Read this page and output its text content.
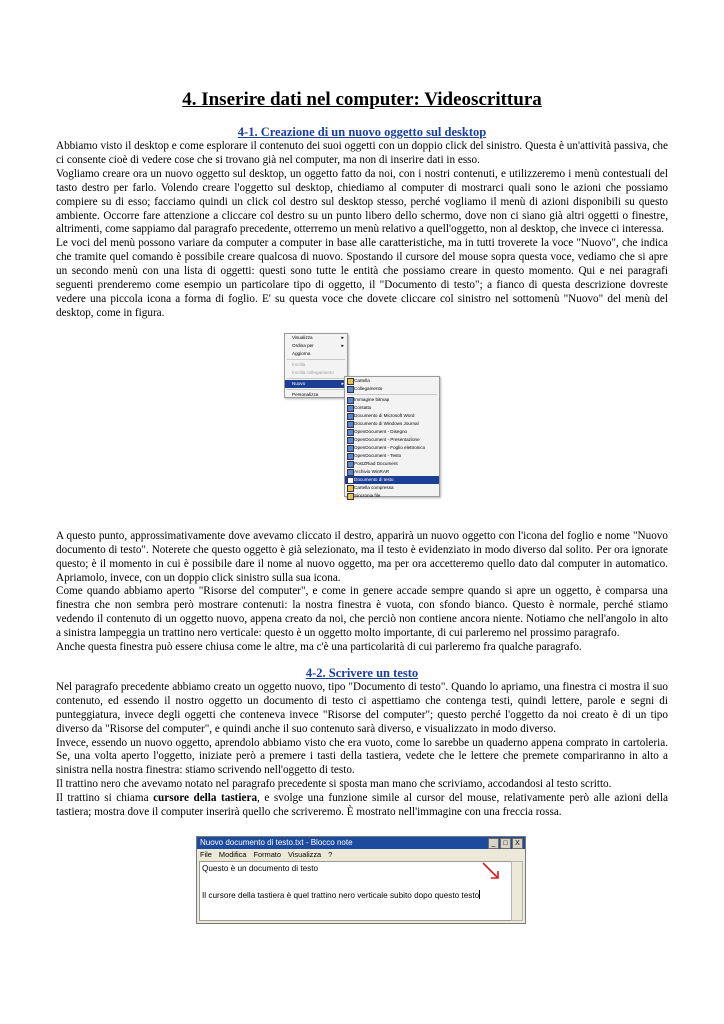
4. Inserire dati nel computer: Videoscrittura
4-1. Creazione di un nuovo oggetto sul desktop

Abbiamo visto il desktop e come esplorare il contenuto dei suoi oggetti con un doppio click del sinistro. Questa è un'attività passiva, che ci consente cioè di vedere cose che si trovano già nel computer, ma non di inserire dati in esso.

Vogliamo creare ora un nuovo oggetto sul desktop, un oggetto fatto da noi, con i nostri contenuti, e utilizzeremo i menù contestuali del tasto destro per farlo. Volendo creare l'oggetto sul desktop, chiediamo al computer di mostrarci quali sono le azioni che possiamo compiere su di esso; facciamo quindi un click col destro sul desktop stesso, perché vogliamo il menù di azioni disponibili su questo ambiente. Occorre fare attenzione a cliccare col destro su un punto libero dello schermo, dove non ci siano già altri oggetti o finestre, altrimenti, come sappiamo dal paragrafo precedente, otterremo un menù relativo a quell'oggetto, non al desktop, che invece ci interessa.

Le voci del menù possono variare da computer a computer in base alle caratteristiche, ma in tutti troverete la voce "Nuovo", che indica che tramite quel comando è possibile creare qualcosa di nuovo. Spostando il cursore del mouse sopra questa voce, vediamo che si apre un secondo menù con una lista di oggetti: questi sono tutte le entità che possiamo creare in questo momento. Qui e nei paragrafi seguenti prenderemo come esempio un particolare tipo di oggetto, il "Documento di testo"; a fianco di questa descrizione dovreste vedere una piccola icona a forma di foglio. E' su questa voce che dovete cliccare col sinistro nel sottomenù "Nuovo" del menù del desktop, come in figura.

Visualizza	▸
Ordina per	▸
Aggiorna
Incolla
Incolla collegamento
Nuovo	▸
Personalizza
Cartella
Collegamento
Immagine bitmap
Contatto
Documento di Microsoft Word
Documento di Windows Journal
OpenDocument - Disegno
OpenDocument - Presentazione
OpenDocument - Foglio elettronico
OpenDocument - Testo
PostZRiad Document
Archivio WinRAR
Documento di testo
Cartella compressa
Sincronia file

A questo punto, approssimativamente dove avevamo cliccato il destro, apparirà un nuovo oggetto con l'icona del foglio e nome "Nuovo documento di testo". Noterete che questo oggetto è già selezionato, ma il testo è evidenziato in modo diverso dal solito. Per ora ignorate questo; è il momento in cui è possibile dare il nome al nuovo oggetto, ma per ora accetteremo quello dato dal computer in automatico. Apriamolo, invece, con un doppio click sinistro sulla sua icona.

Come quando abbiamo aperto "Risorse del computer", e come in genere accade sempre quando si apre un oggetto, è comparsa una finestra che non sembra però mostrare contenuti: la nostra finestra è vuota, con sfondo bianco. Questo è normale, perché stiamo vedendo il contenuto di un oggetto nuovo, appena creato da noi, che perciò non contiene ancora niente. Notiamo che nell'angolo in alto a sinistra lampeggia un trattino nero verticale: questo è un oggetto molto importante, di cui parleremo nel prossimo paragrafo.

Anche questa finestra può essere chiusa come le altre, ma c'è una particolarità di cui parleremo fra qualche paragrafo.

4-2. Scrivere un testo

Nel paragrafo precedente abbiamo creato un oggetto nuovo, tipo "Documento di testo". Quando lo apriamo, una finestra ci mostra il suo contenuto, ed essendo il nostro oggetto un documento di testo ci aspettiamo che contenga testi, quindi lettere, parole e segni di punteggiatura, invece degli oggetti che conteneva invece "Risorse del computer"; questo perché l'oggetto da noi creato è di un tipo diverso da "Risorse del computer", e quindi anche il suo contenuto sarà diverso, e visualizzato in modo diverso.

Invece, essendo un nuovo oggetto, aprendolo abbiamo visto che era vuoto, come lo sarebbe un quaderno appena comprato in cartoleria. Se, una volta aperto l'oggetto, iniziate però a premere i tasti della tastiera, vedete che le lettere che premete compariranno in alto a sinistra nella nostra finestra: stiamo scrivendo nell'oggetto di testo.

Il trattino nero che avevamo notato nel paragrafo precedente si sposta man mano che scriviamo, accodandosi al testo scritto.

Il trattino si chiama cursore della tastiera, e svolge una funzione simile al cursor del mouse, relativamente però alle azioni della tastiera; mostra dove il computer inserirà quello che scriveremo. È mostrato nell'immagine con una freccia rossa.

Nuovo documento di testo.txt - Blocco note	_	□	X
File Modifica Formato Visualizza ?
Questo è un documento di testo
Il cursore della tastiera è quel trattino nero verticale subito dopo questo testo
